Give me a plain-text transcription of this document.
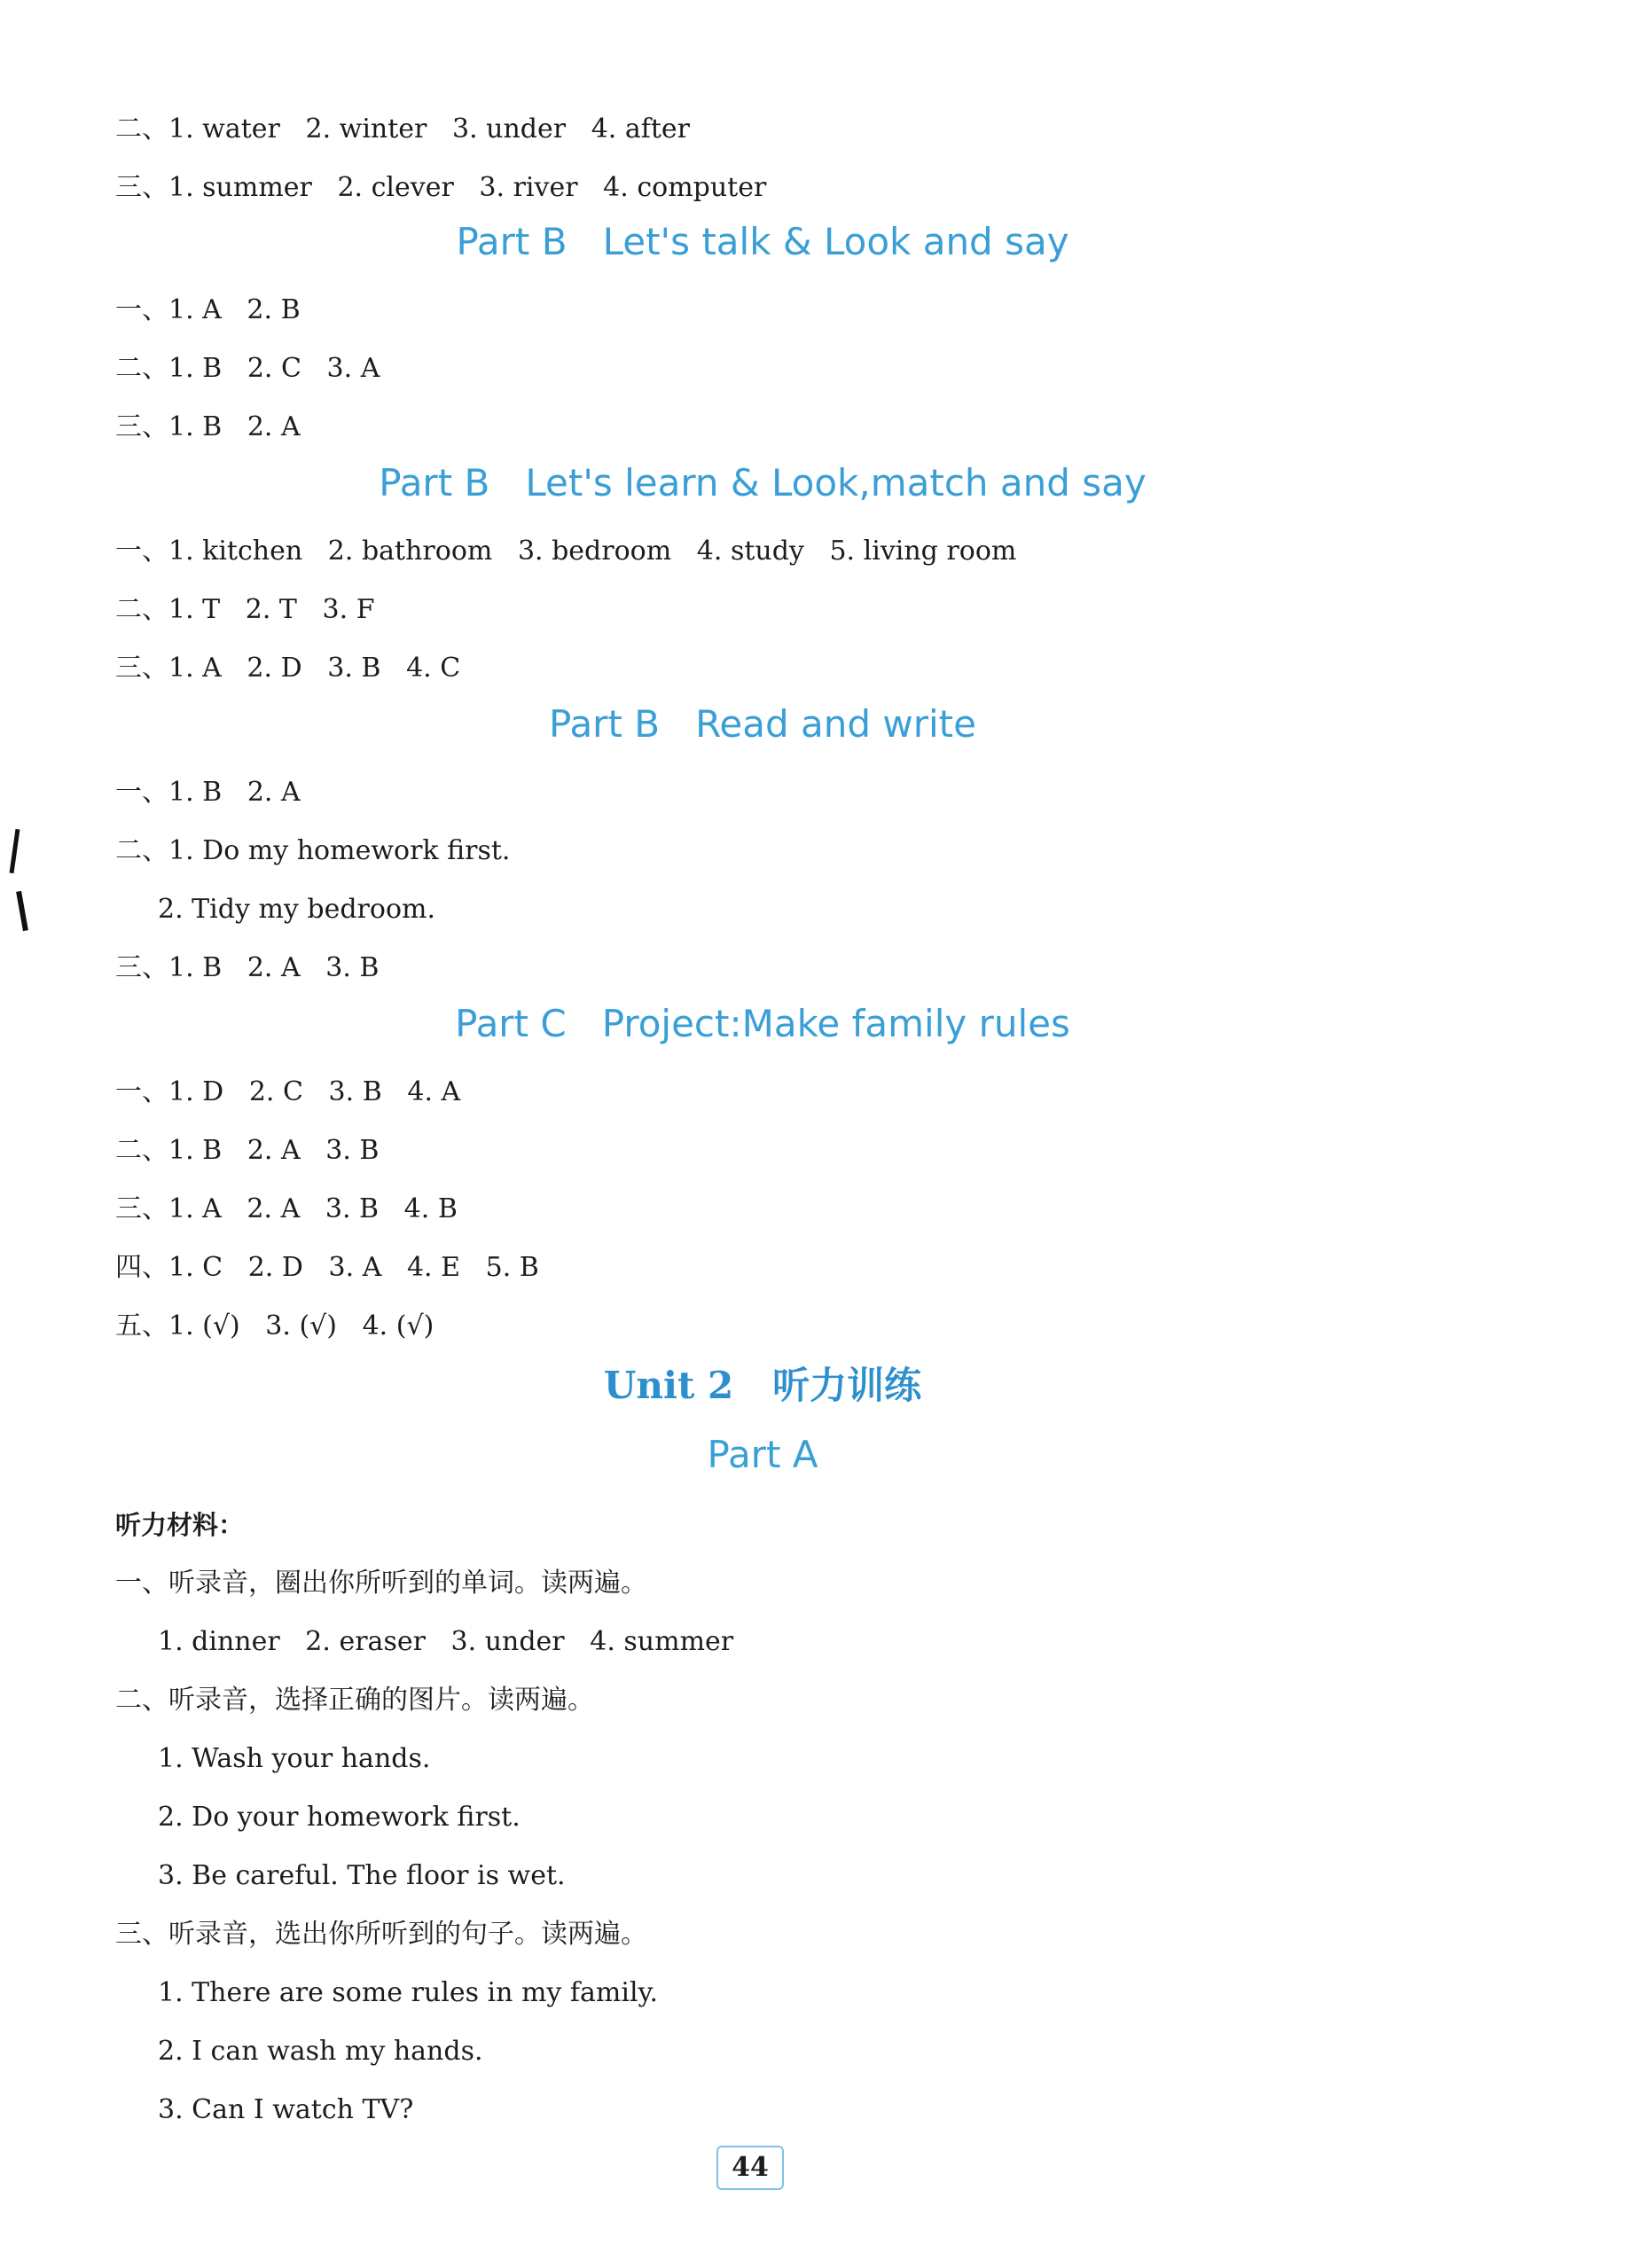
二、1. water   2. winter   3. under   4. after
三、1. summer   2. clever   3. river   4. computer
Part B   Let's talk & Look and say
一、1. A   2. B
二、1. B   2. C   3. A
三、1. B   2. A
Part B   Let's learn & Look,match and say
一、1. kitchen   2. bathroom   3. bedroom   4. study   5. living room
二、1. T   2. T   3. F
三、1. A   2. D   3. B   4. C
Part B   Read and write
一、1. B   2. A
二、1. Do my homework first.
2. Tidy my bedroom.
三、1. B   2. A   3. B
Part C   Project:Make family rules
一、1. D   2. C   3. B   4. A
二、1. B   2. A   3. B
三、1. A   2. A   3. B   4. B
四、1. C   2. D   3. A   4. E   5. B
五、1. (√)   3. (√)   4. (√)
Unit 2   听力训练
Part A
听力材料：
一、听录音，圈出你所听到的单词。读两遍。
1. dinner   2. eraser   3. under   4. summer
二、听录音，选择正确的图片。读两遍。
1. Wash your hands.
2. Do your homework first.
3. Be careful. The floor is wet.
三、听录音，选出你所听到的句子。读两遍。
1. There are some rules in my family.
2. I can wash my hands.
3. Can I watch TV?
44
